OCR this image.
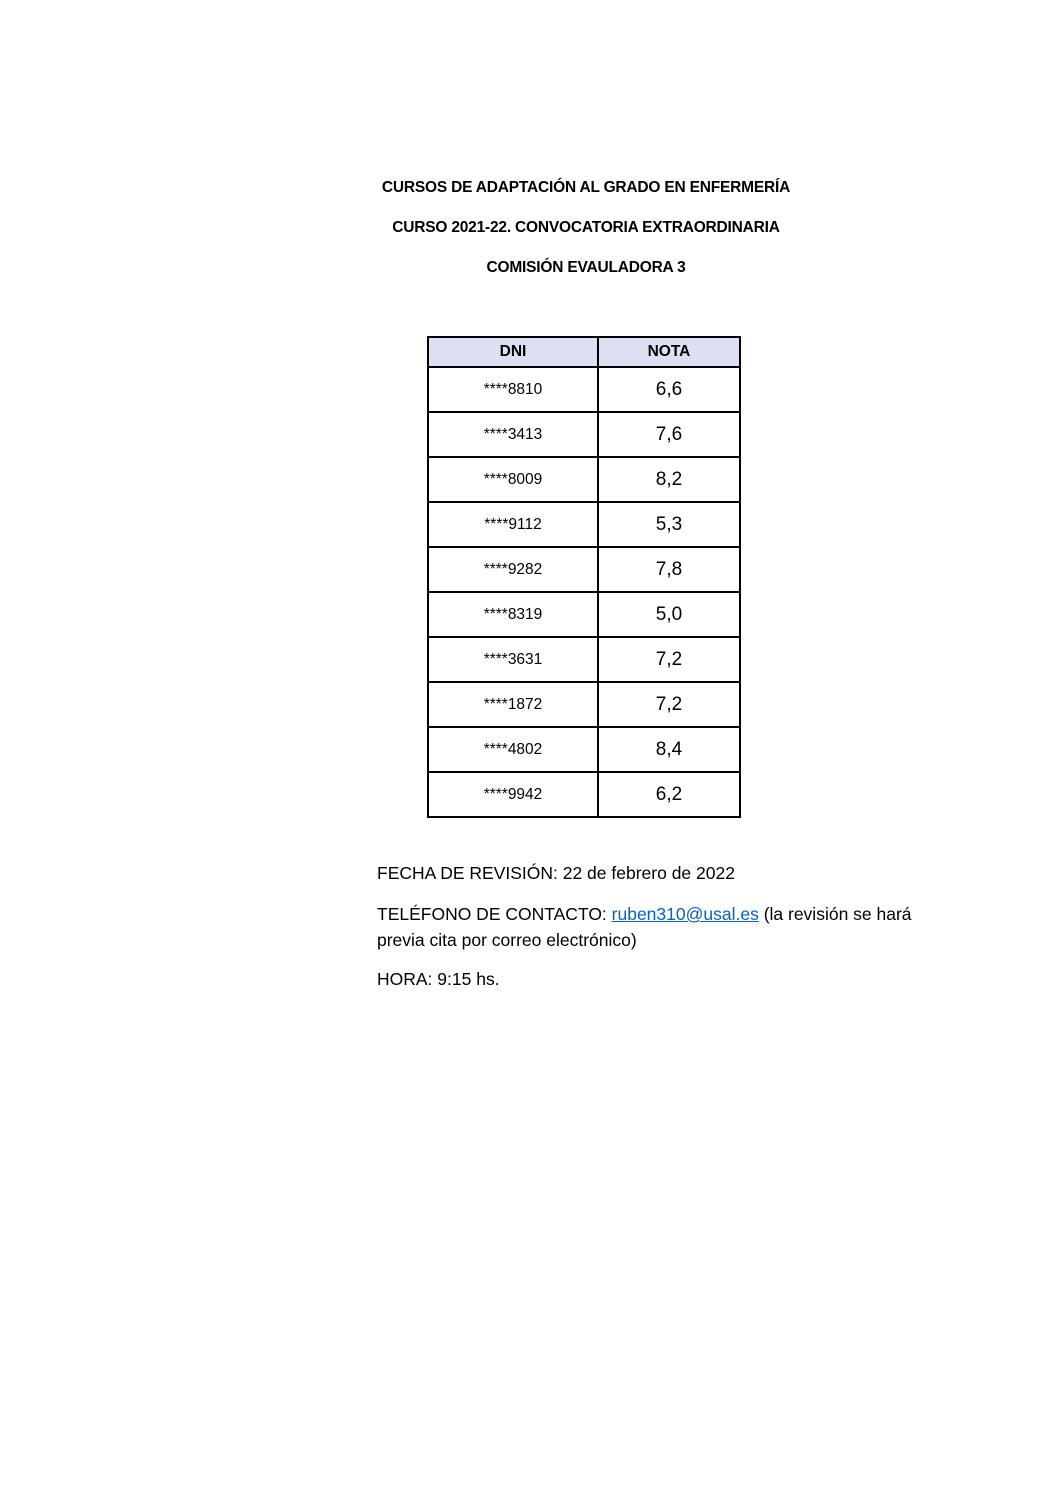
CURSOS DE ADAPTACIÓN AL GRADO EN ENFERMERÍA
CURSO 2021-22. CONVOCATORIA EXTRAORDINARIA
COMISIÓN EVAULADORA 3
DNI	NOTA
****8810	6,6
****3413	7,6
****8009	8,2
****9112	5,3
****9282	7,8
****8319	5,0
****3631	7,2
****1872	7,2
****4802	8,4
****9942	6,2
FECHA DE REVISIÓN: 22 de febrero de 2022
TELÉFONO DE CONTACTO: ruben310@usal.es (la revisión se hará previa cita por correo electrónico)
HORA: 9:15 hs.
